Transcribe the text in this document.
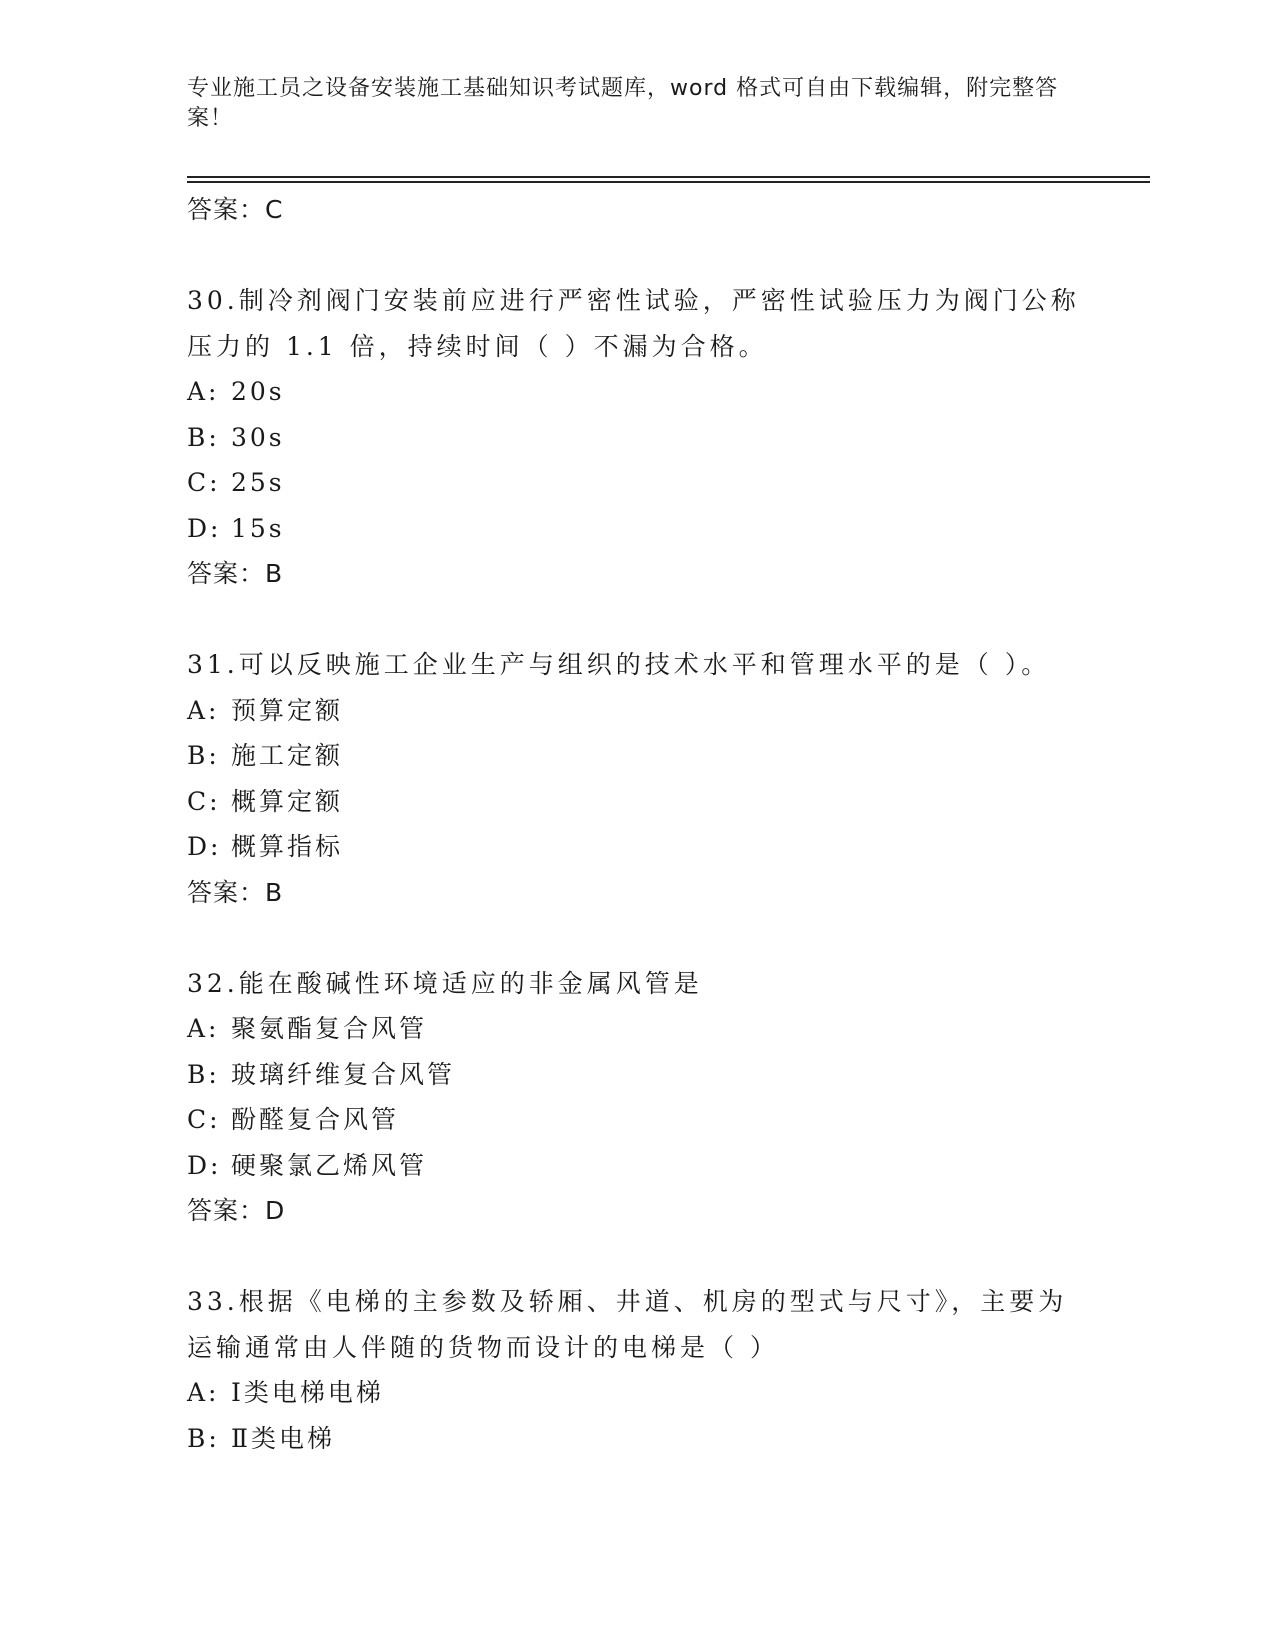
专业施工员之设备安装施工基础知识考试题库，word 格式可自由下载编辑，附完整答案！
答案：C
30.制冷剂阀门安装前应进行严密性试验，严密性试验压力为阀门公称压力的 1.1 倍，持续时间（ ）不漏为合格。
A: 20s
B: 30s
C: 25s
D: 15s
答案：B
31.可以反映施工企业生产与组织的技术水平和管理水平的是（ ）。
A: 预算定额
B: 施工定额
C: 概算定额
D: 概算指标
答案：B
32.能在酸碱性环境适应的非金属风管是
A: 聚氨酯复合风管
B: 玻璃纤维复合风管
C: 酚醛复合风管
D: 硬聚氯乙烯风管
答案：D
33.根据《电梯的主参数及轿厢、井道、机房的型式与尺寸》，主要为运输通常由人伴随的货物而设计的电梯是（ ）
A: Ⅰ类电梯电梯
B: Ⅱ类电梯
